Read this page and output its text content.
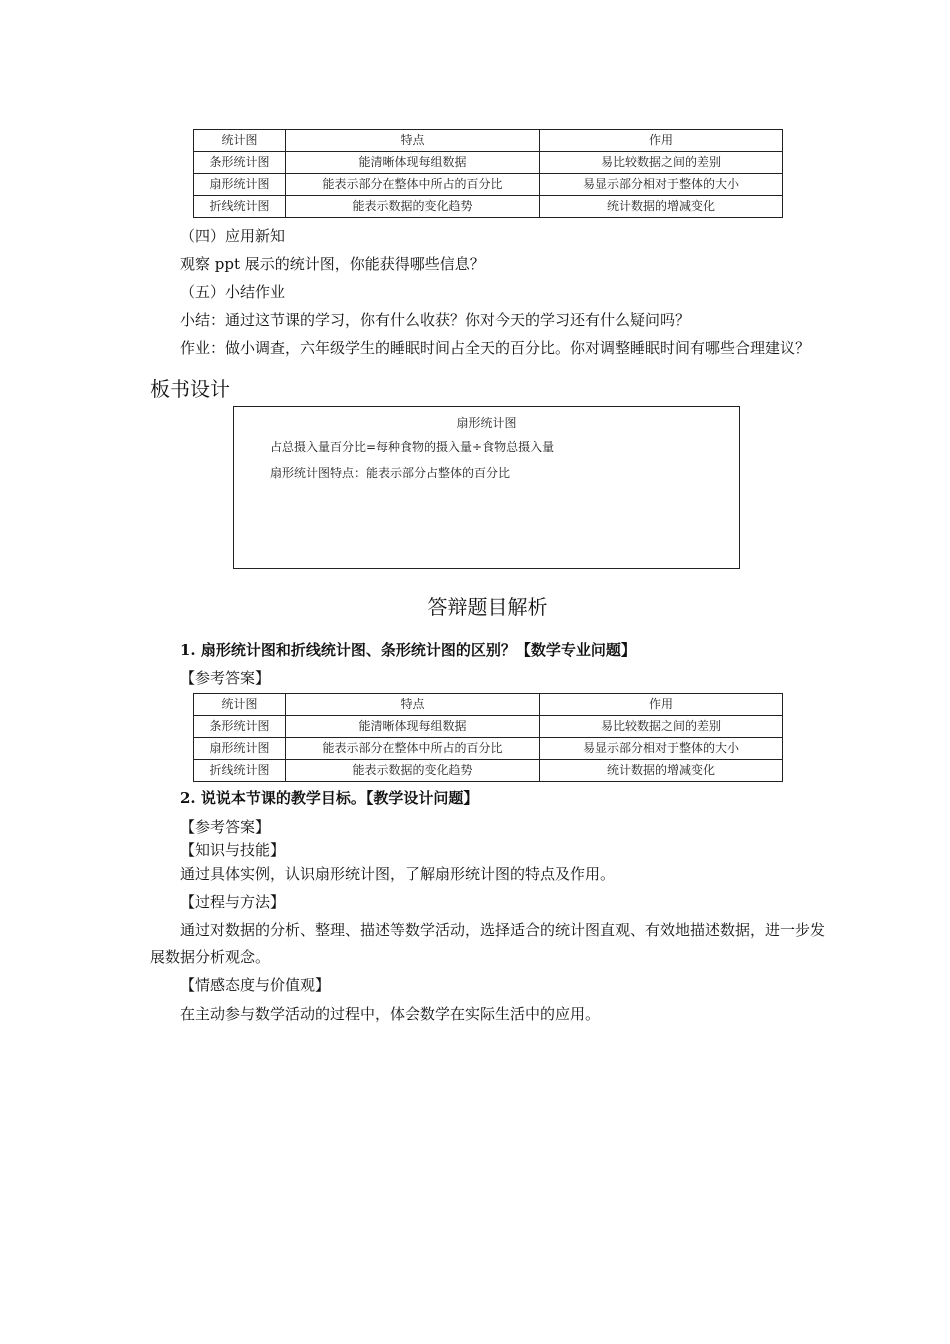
统计图	特点	作用
条形统计图	能清晰体现每组数据	易比较数据之间的差别
扇形统计图	能表示部分在整体中所占的百分比	易显示部分相对于整体的大小
折线统计图	能表示数据的变化趋势	统计数据的增减变化
（四）应用新知
观察 ppt 展示的统计图，你能获得哪些信息？
（五）小结作业
小结：通过这节课的学习，你有什么收获？你对今天的学习还有什么疑问吗？
作业：做小调查，六年级学生的睡眠时间占全天的百分比。你对调整睡眠时间有哪些合理建议？
板书设计
扇形统计图
占总摄入量百分比=每种食物的摄入量÷食物总摄入量
扇形统计图特点：能表示部分占整体的百分比
答辩题目解析
1. 扇形统计图和折线统计图、条形统计图的区别？【数学专业问题】
【参考答案】
统计图	特点	作用
条形统计图	能清晰体现每组数据	易比较数据之间的差别
扇形统计图	能表示部分在整体中所占的百分比	易显示部分相对于整体的大小
折线统计图	能表示数据的变化趋势	统计数据的增减变化
2. 说说本节课的教学目标。【教学设计问题】
【参考答案】
【知识与技能】
通过具体实例，认识扇形统计图，了解扇形统计图的特点及作用。
【过程与方法】
通过对数据的分析、整理、描述等数学活动，选择适合的统计图直观、有效地描述数据，进一步发
展数据分析观念。
【情感态度与价值观】
在主动参与数学活动的过程中，体会数学在实际生活中的应用。
